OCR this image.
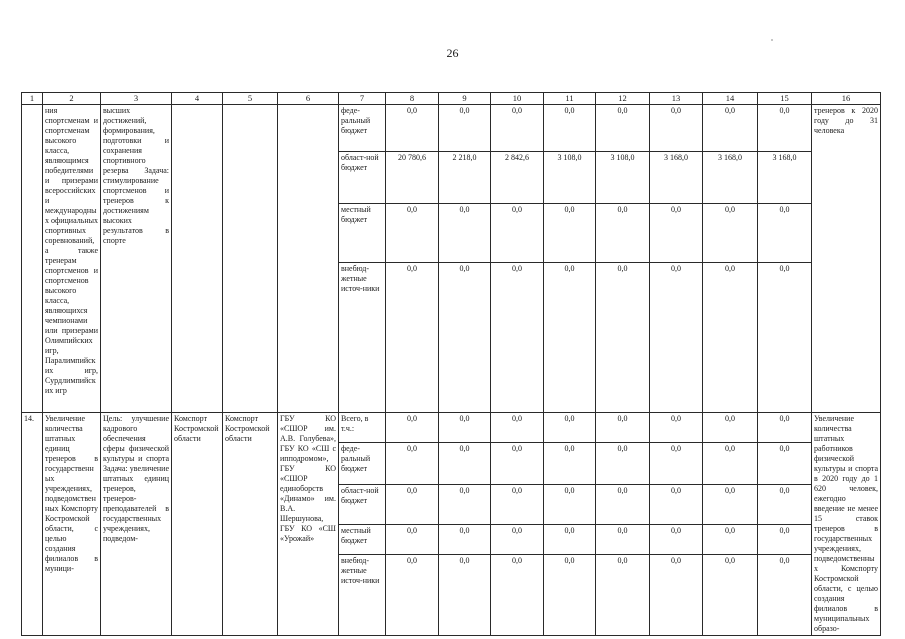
26
1	2	3	4	5	6	7	8	9	10	11	12	13	14	15	16
	ния спортсменам и спортсменам высокого класса, являющимся победителями и призерами всероссийских и международных официальных спортивных соревнований, а также тренерам спортсменов и спортсменов высокого класса, являющихся чемпионами или призерами Олимпийских игр, Паралимпийских игр, Сурдлимпийских игр	высших достижений, формирования, подготовки и сохранения спортивного резерва Задача: стимулирование спортсменов и тренеров к достижениям высоких результатов в спорте				феде-ральный бюджет	0,0	0,0	0,0	0,0	0,0	0,0	0,0	0,0	тренеров к 2020 году до 31 человека
						област-ной бюджет	20 780,6	2 218,0	2 842,6	3 108,0	3 108,0	3 168,0	3 168,0	3 168,0	
						местный бюджет	0,0	0,0	0,0	0,0	0,0	0,0	0,0	0,0	
						внебюд-жетные источ-ники	0,0	0,0	0,0	0,0	0,0	0,0	0,0	0,0	
14.	Увеличение количества штатных единиц тренеров в государственных учреждениях, подведомственных Комспорту Костромской области, с целью создания филиалов в муници-	Цель: улучшение кадрового обеспечения сферы физической культуры и спорта Задача: увеличение штатных единиц тренеров, тренеров-преподавателей в государственных учреждениях, подведом-	Комспорт Костромской области	Комспорт Костромской области	ГБУ КО «СШОР им. А.В. Голубева», ГБУ КО «СШ с ипподромом», ГБУ КО «СШОР единоборств «Динамо» им. В.А. Шершунова, ГБУ КО «СШ «Урожай»	Всего, в т.ч.:	0,0	0,0	0,0	0,0	0,0	0,0	0,0	0,0	Увеличение количества штатных работников физической культуры и спорта в 2020 году до 1 620 человек, ежегодно введение не менее 15 ставок тренеров в государственных учреждениях, подведомственных Комспорту Костромской области, с целью создания филиалов в муниципальных образо-
						феде-ральный бюджет	0,0	0,0	0,0	0,0	0,0	0,0	0,0	0,0	
						област-ной бюджет	0,0	0,0	0,0	0,0	0,0	0,0	0,0	0,0	
						местный бюджет	0,0	0,0	0,0	0,0	0,0	0,0	0,0	0,0	
						внебюд-жетные источ-ники	0,0	0,0	0,0	0,0	0,0	0,0	0,0	0,0	
